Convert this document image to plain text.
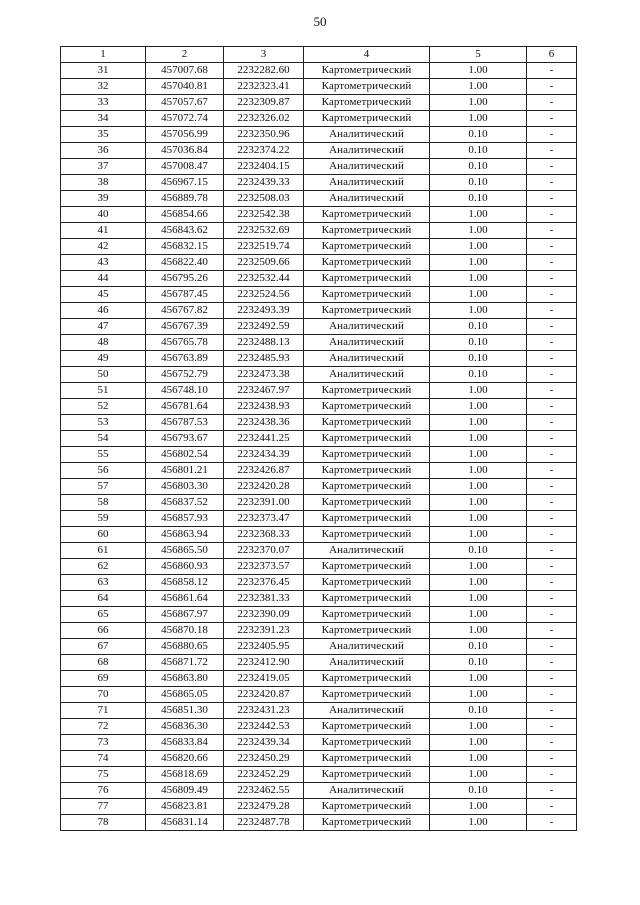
50
1	2	3	4	5	6
31	457007.68	2232282.60	Картометрический	1.00	-
32	457040.81	2232323.41	Картометрический	1.00	-
33	457057.67	2232309.87	Картометрический	1.00	-
34	457072.74	2232326.02	Картометрический	1.00	-
35	457056.99	2232350.96	Аналитический	0.10	-
36	457036.84	2232374.22	Аналитический	0.10	-
37	457008.47	2232404.15	Аналитический	0.10	-
38	456967.15	2232439.33	Аналитический	0.10	-
39	456889.78	2232508.03	Аналитический	0.10	-
40	456854.66	2232542.38	Картометрический	1.00	-
41	456843.62	2232532.69	Картометрический	1.00	-
42	456832.15	2232519.74	Картометрический	1.00	-
43	456822.40	2232509.66	Картометрический	1.00	-
44	456795.26	2232532.44	Картометрический	1.00	-
45	456787.45	2232524.56	Картометрический	1.00	-
46	456767.82	2232493.39	Картометрический	1.00	-
47	456767.39	2232492.59	Аналитический	0.10	-
48	456765.78	2232488.13	Аналитический	0.10	-
49	456763.89	2232485.93	Аналитический	0.10	-
50	456752.79	2232473.38	Аналитический	0.10	-
51	456748.10	2232467.97	Картометрический	1.00	-
52	456781.64	2232438.93	Картометрический	1.00	-
53	456787.53	2232438.36	Картометрический	1.00	-
54	456793.67	2232441.25	Картометрический	1.00	-
55	456802.54	2232434.39	Картометрический	1.00	-
56	456801.21	2232426.87	Картометрический	1.00	-
57	456803.30	2232420.28	Картометрический	1.00	-
58	456837.52	2232391.00	Картометрический	1.00	-
59	456857.93	2232373.47	Картометрический	1.00	-
60	456863.94	2232368.33	Картометрический	1.00	-
61	456865.50	2232370.07	Аналитический	0.10	-
62	456860.93	2232373.57	Картометрический	1.00	-
63	456858.12	2232376.45	Картометрический	1.00	-
64	456861.64	2232381.33	Картометрический	1.00	-
65	456867.97	2232390.09	Картометрический	1.00	-
66	456870.18	2232391.23	Картометрический	1.00	-
67	456880.65	2232405.95	Аналитический	0.10	-
68	456871.72	2232412.90	Аналитический	0.10	-
69	456863.80	2232419.05	Картометрический	1.00	-
70	456865.05	2232420.87	Картометрический	1.00	-
71	456851.30	2232431.23	Аналитический	0.10	-
72	456836.30	2232442.53	Картометрический	1.00	-
73	456833.84	2232439.34	Картометрический	1.00	-
74	456820.66	2232450.29	Картометрический	1.00	-
75	456818.69	2232452.29	Картометрический	1.00	-
76	456809.49	2232462.55	Аналитический	0.10	-
77	456823.81	2232479.28	Картометрический	1.00	-
78	456831.14	2232487.78	Картометрический	1.00	-
